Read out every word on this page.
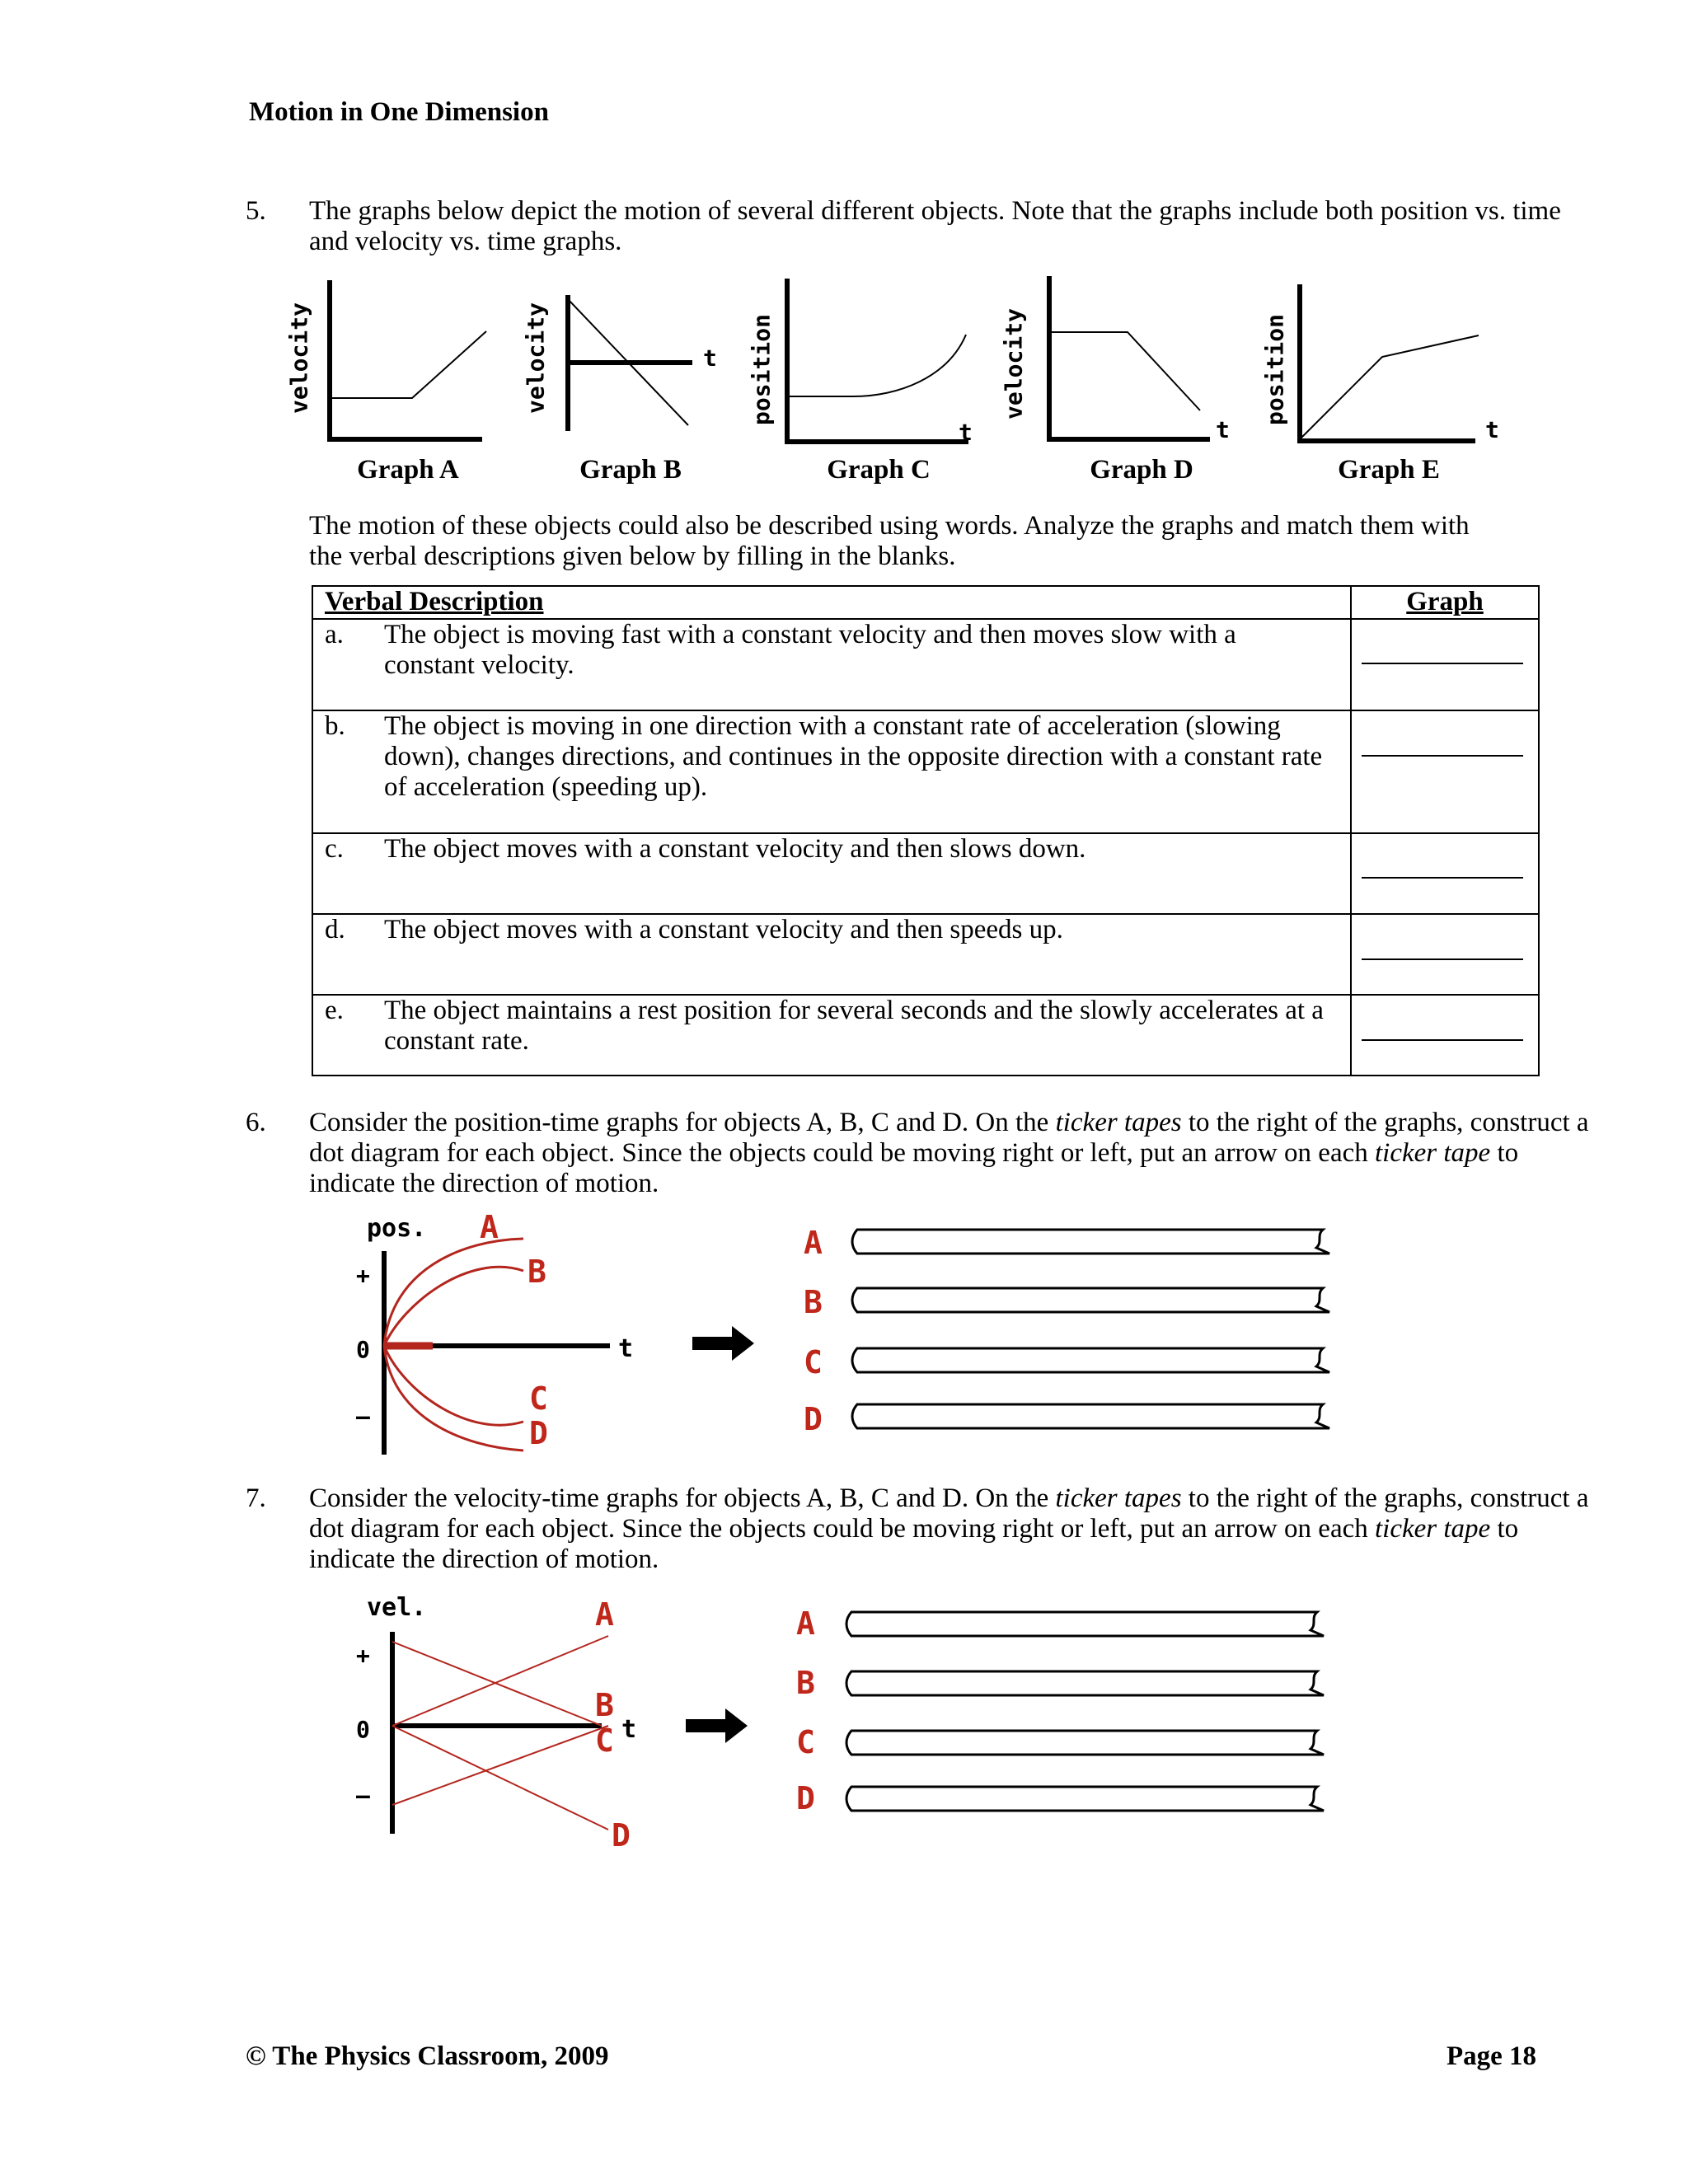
Motion in One Dimension
5. The graphs below depict the motion of several different objects. Note that the graphs include both position vs. time and velocity vs. time graphs.
velocity
Graph A
velocity	t
Graph B
position
t
Graph C
velocity
t
Graph D
position
t
Graph E
The motion of these objects could also be described using words. Analyze the graphs and match them with the verbal descriptions given below by filling in the blanks.
Verbal Description	Graph

a. The object is moving fast with a constant velocity and then moves slow with a constant velocity.	

b. The object is moving in one direction with a constant rate of acceleration (slowing down), changes directions, and continues in the opposite direction with a constant rate of acceleration (speeding up).	

c. The object moves with a constant velocity and then slows down.	

d. The object moves with a constant velocity and then speeds up.	

e. The object maintains a rest position for several seconds and the slowly accelerates at a constant rate.	

6. Consider the position-time graphs for objects A, B, C and D. On the ticker tapes to the right of the graphs, construct a dot diagram for each object. Since the objects could be moving right or left, put an arrow on each ticker tape to indicate the direction of motion.
pos.
+
0
–
t
A
B
C
D
A
B
C
D
7. Consider the velocity-time graphs for objects A, B, C and D. On the ticker tapes to the right of the graphs, construct a dot diagram for each object. Since the objects could be moving right or left, put an arrow on each ticker tape to indicate the direction of motion.
vel.
+
0
–
t
A
B
C
D
A
B
C
D
© The Physics Classroom, 2009	Page 18
